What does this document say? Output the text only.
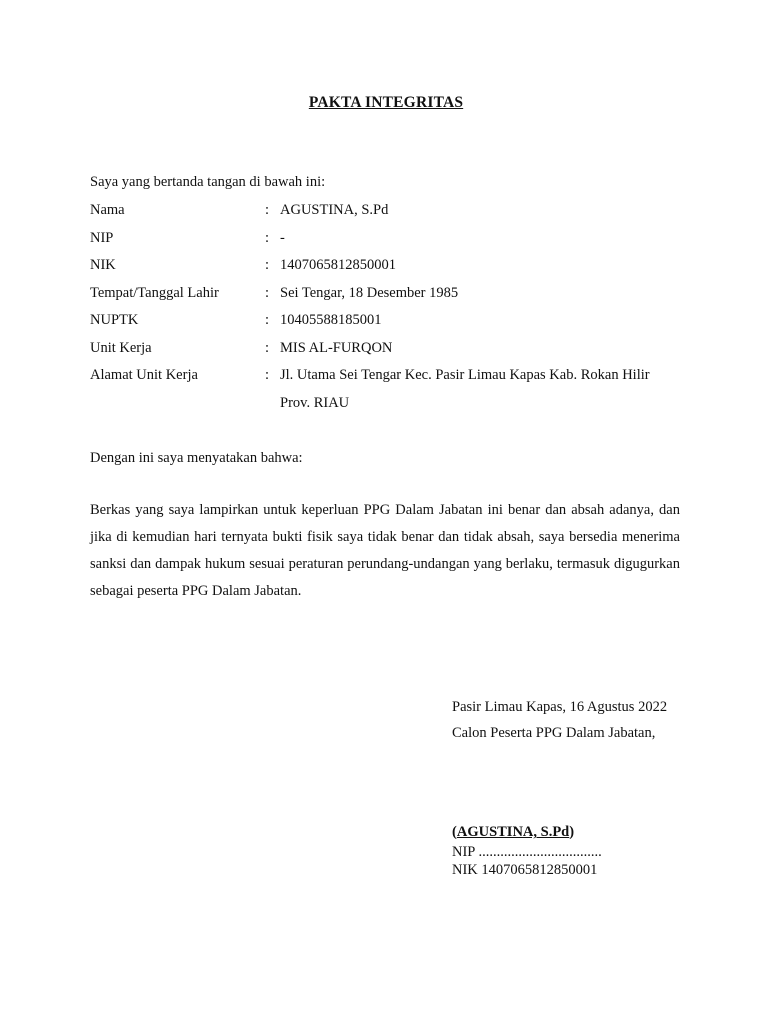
PAKTA INTEGRITAS
Saya yang bertanda tangan di bawah ini:
Nama	: AGUSTINA, S.Pd
NIP	: -
NIK	: 1407065812850001
Tempat/Tanggal Lahir	: Sei Tengar, 18 Desember 1985
NUPTK	: 10405588185001
Unit Kerja	: MIS AL-FURQON
Alamat Unit Kerja	: Jl. Utama Sei Tengar Kec. Pasir Limau Kapas Kab. Rokan Hilir
Prov. RIAU
Dengan ini saya menyatakan bahwa:

Berkas yang saya lampirkan untuk keperluan PPG Dalam Jabatan ini benar dan absah adanya, dan jika di kemudian hari ternyata bukti fisik saya tidak benar dan tidak absah, saya bersedia menerima sanksi dan dampak hukum sesuai peraturan perundang-undangan yang berlaku, termasuk digugurkan sebagai peserta PPG Dalam Jabatan.

Pasir Limau Kapas, 16 Agustus 2022
Calon Peserta PPG Dalam Jabatan,
(AGUSTINA, S.Pd)
NIP ..................................
NIK 1407065812850001
